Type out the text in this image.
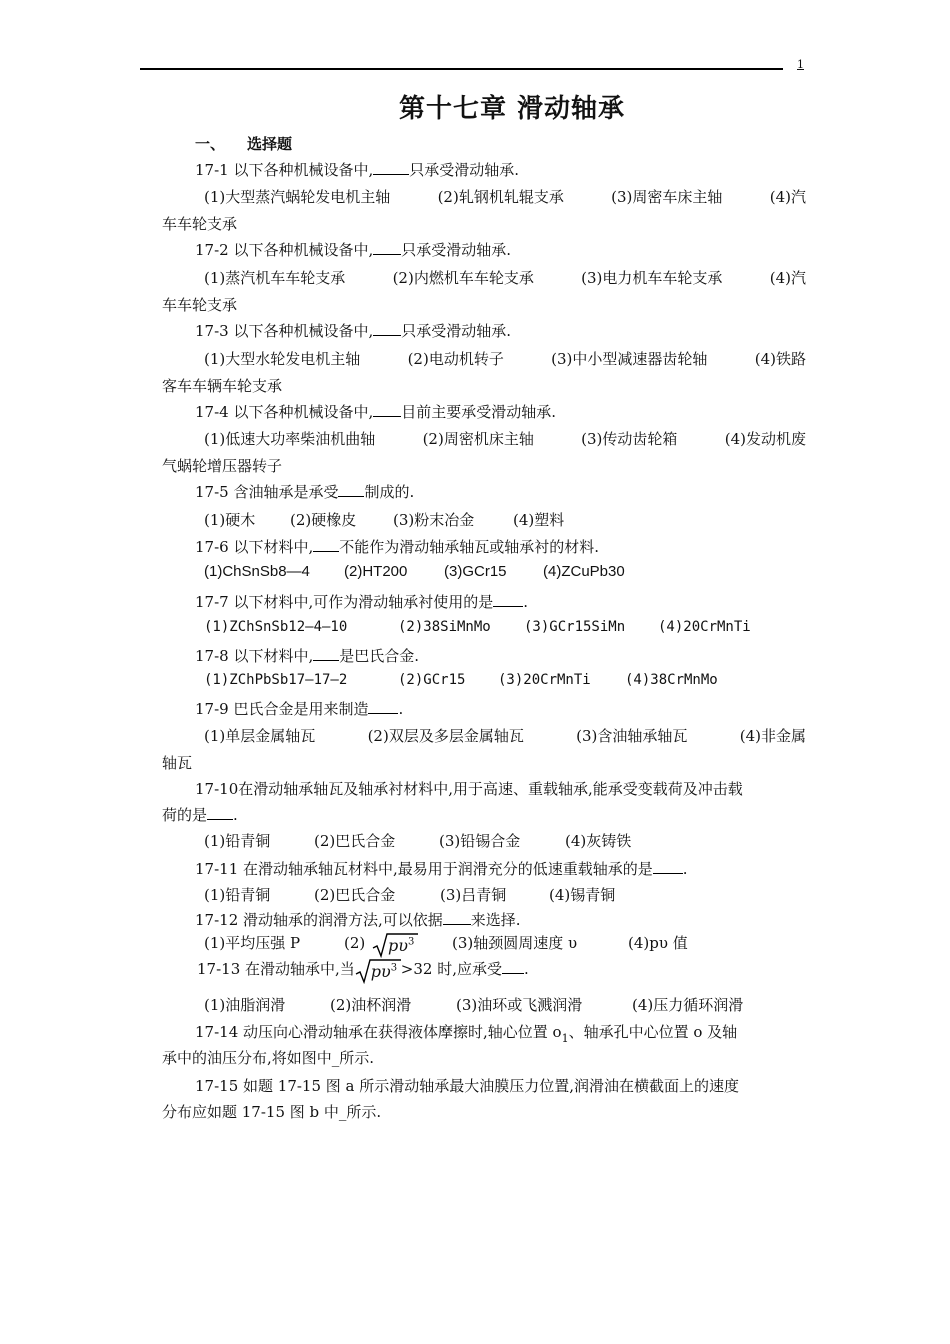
1
第十七章 滑动轴承
一、 选择题
17-1 以下各种机械设备中, 只承受滑动轴承.
(1)大型蒸汽蜗轮发电机主轴	(2)轧钢机轧辊支承	(3)周密车床主轴	(4)汽
车车轮支承
17-2 以下各种机械设备中, 只承受滑动轴承.
(1)蒸汽机车车轮支承	(2)内燃机车车轮支承	(3)电力机车车轮支承	(4)汽
车车轮支承
17-3 以下各种机械设备中, 只承受滑动轴承.
(1)大型水轮发电机主轴	(2)电动机转子	(3)中小型减速器齿轮轴	(4)铁路
客车车辆车轮支承
17-4 以下各种机械设备中, 目前主要承受滑动轴承.
(1)低速大功率柴油机曲轴	(2)周密机床主轴	(3)传动齿轮箱	(4)发动机废
气蜗轮增压器转子
17-5 含油轴承是承受 制成的.
(1)硬木 (2)硬橡皮 (3)粉末冶金	(4)塑料
17-6 以下材料中, 不能作为滑动轴承轴瓦或轴承衬的材料.
(1)ChSnSb8—4 (2)HT200 (3)GCr15 (4)ZCuPb30
17-7 以下材料中,可作为滑动轴承衬使用的是 .
(1)ZChSnSb12—4—10	(2)38SiMnMo (3)GCr15SiMn (4)20CrMnTi
17-8 以下材料中, 是巴氏合金.
(1)ZChPbSb17—17—2	(2)GCr15 (3)20CrMnTi (4)38CrMnMo
17-9 巴氏合金是用来制造 .
(1)单层金属轴瓦	(2)双层及多层金属轴瓦	(3)含油轴承轴瓦	(4)非金属
轴瓦
17-10在滑动轴承轴瓦及轴承衬材料中,用于高速、重载轴承,能承受变载荷及冲击载
荷的是 .
(1)铅青铜	(2)巴氏合金	(3)铅锡合金	(4)灰铸铁
17-11 在滑动轴承轴瓦材料中,最易用于润滑充分的低速重载轴承的是 .
(1)铅青铜	(2)巴氏合金	(3)吕青铜	(4)锡青铜
17-12 滑动轴承的润滑方法,可以依据 来选择.
(1)平均压强 P	(2) $p\upsilon^3$	(3)轴颈圆周速度 υ	(4)pυ 值
17-13 在滑动轴承中,当 $p\upsilon^3 >32$ 时,应承受 .
(1)油脂润滑	(2)油杯润滑	(3)油环或飞溅润滑	(4)压力循环润滑
17-14 动压向心滑动轴承在获得液体摩擦时,轴心位置 $o_1$、轴承孔中心位置 o 及轴
承中的油压分布,将如图中_所示.
17-15 如题 17-15 图 a 所示滑动轴承最大油膜压力位置,润滑油在横截面上的速度
分布应如题 17-15 图 b 中_所示.
